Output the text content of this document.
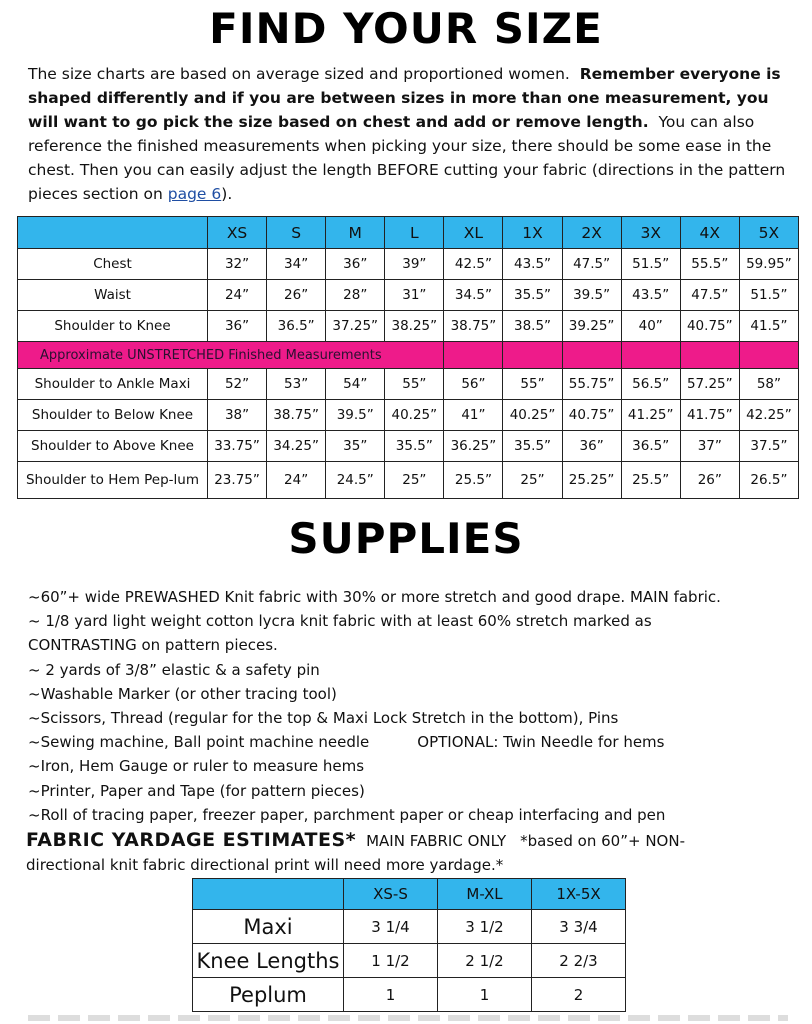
FIND YOUR SIZE
The size charts are based on average sized and proportioned women. Remember everyone is shaped differently and if you are between sizes in more than one measurement, you will want to go pick the size based on chest and add or remove length. You can also reference the finished measurements when picking your size, there should be some ease in the chest. Then you can easily adjust the length BEFORE cutting your fabric (directions in the pattern pieces section on page 6).
	XS	S	M	L	XL	1X	2X	3X	4X	5X
Chest	32”	34”	36”	39”	42.5”	43.5”	47.5”	51.5”	55.5”	59.95”
Waist	24”	26”	28”	31”	34.5”	35.5”	39.5”	43.5”	47.5”	51.5”
Shoulder to Knee	36”	36.5”	37.25”	38.25”	38.75”	38.5”	39.25”	40”	40.75”	41.5”
Approximate UNSTRETCHED Finished Measurements										
Shoulder to Ankle Maxi	52”	53”	54”	55”	56”	55”	55.75”	56.5”	57.25”	58”
Shoulder to Below Knee	38”	38.75”	39.5”	40.25”	41”	40.25”	40.75”	41.25”	41.75”	42.25”
Shoulder to Above Knee	33.75”	34.25”	35”	35.5”	36.25”	35.5”	36”	36.5”	37”	37.5”
Shoulder to Hem Pep-lum	23.75”	24”	24.5”	25”	25.5”	25”	25.25”	25.5”	26”	26.5”
SUPPLIES
~60”+ wide PREWASHED Knit fabric with 30% or more stretch and good drape. MAIN fabric.
~ 1/8 yard light weight cotton lycra knit fabric with at least 60% stretch marked as
CONTRASTING on pattern pieces.
~ 2 yards of 3/8” elastic & a safety pin
~Washable Marker (or other tracing tool)
~Scissors, Thread (regular for the top & Maxi Lock Stretch in the bottom), Pins
~Sewing machine, Ball point machine needle	OPTIONAL: Twin Needle for hems
~Iron, Hem Gauge or ruler to measure hems
~Printer, Paper and Tape (for pattern pieces)
~Roll of tracing paper, freezer paper, parchment paper or cheap interfacing and pen
FABRIC YARDAGE ESTIMATES* MAIN FABRIC ONLY *based on 60”+ NON-
directional knit fabric directional print will need more yardage.*
	XS-S	M-XL	1X-5X
Maxi	3 1/4	3 1/2	3 3/4
Knee Lengths	1 1/2	2 1/2	2 2/3
Peplum	1	1	2
